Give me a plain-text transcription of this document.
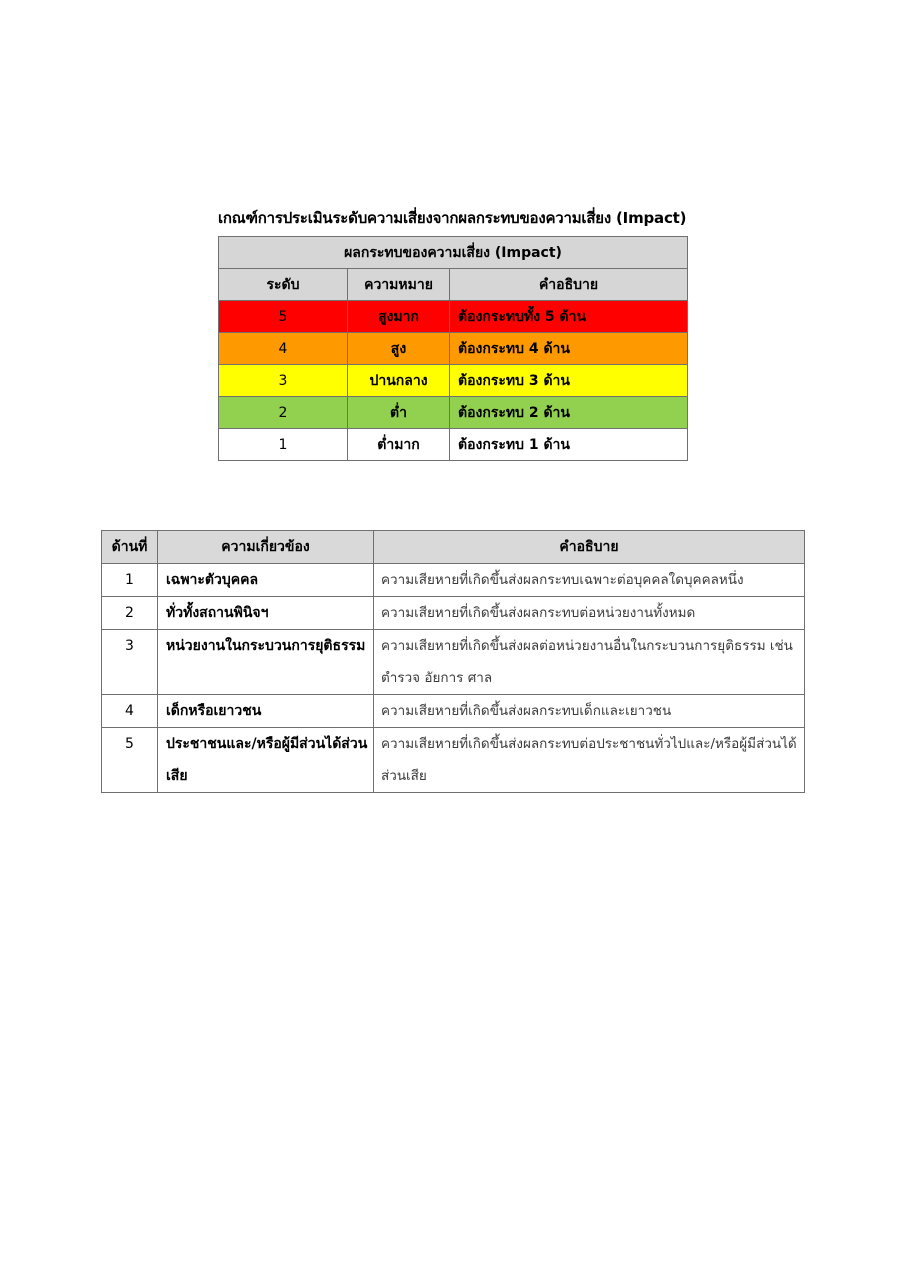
เกณฑ์การประเมินระดับความเสี่ยงจากผลกระทบของความเสี่ยง (Impact)
ผลกระทบของความเสี่ยง (Impact)		
ระดับ	ความหมาย	คำอธิบาย
5	สูงมาก	ต้องกระทบทั้ง 5 ด้าน
4	สูง	ต้องกระทบ 4 ด้าน
3	ปานกลาง	ต้องกระทบ 3 ด้าน
2	ต่ำ	ต้องกระทบ 2 ด้าน
1	ต่ำมาก	ต้องกระทบ 1 ด้าน
ด้านที่	ความเกี่ยวข้อง	คำอธิบาย
1	เฉพาะตัวบุคคล	ความเสียหายที่เกิดขึ้นส่งผลกระทบเฉพาะต่อบุคคลใดบุคคลหนึ่ง
2	ทั่วทั้งสถานพินิจฯ	ความเสียหายที่เกิดขึ้นส่งผลกระทบต่อหน่วยงานทั้งหมด
3	หน่วยงานในกระบวนการยุติธรรม	ความเสียหายที่เกิดขึ้นส่งผลต่อหน่วยงานอื่นในกระบวนการยุติธรรม เช่น ตำรวจ อัยการ ศาล
4	เด็กหรือเยาวชน	ความเสียหายที่เกิดขึ้นส่งผลกระทบเด็กและเยาวชน
5	ประชาชนและ/หรือผู้มีส่วนได้ส่วนเสีย	ความเสียหายที่เกิดขึ้นส่งผลกระทบต่อประชาชนทั่วไปและ/หรือผู้มีส่วนได้ส่วนเสีย
